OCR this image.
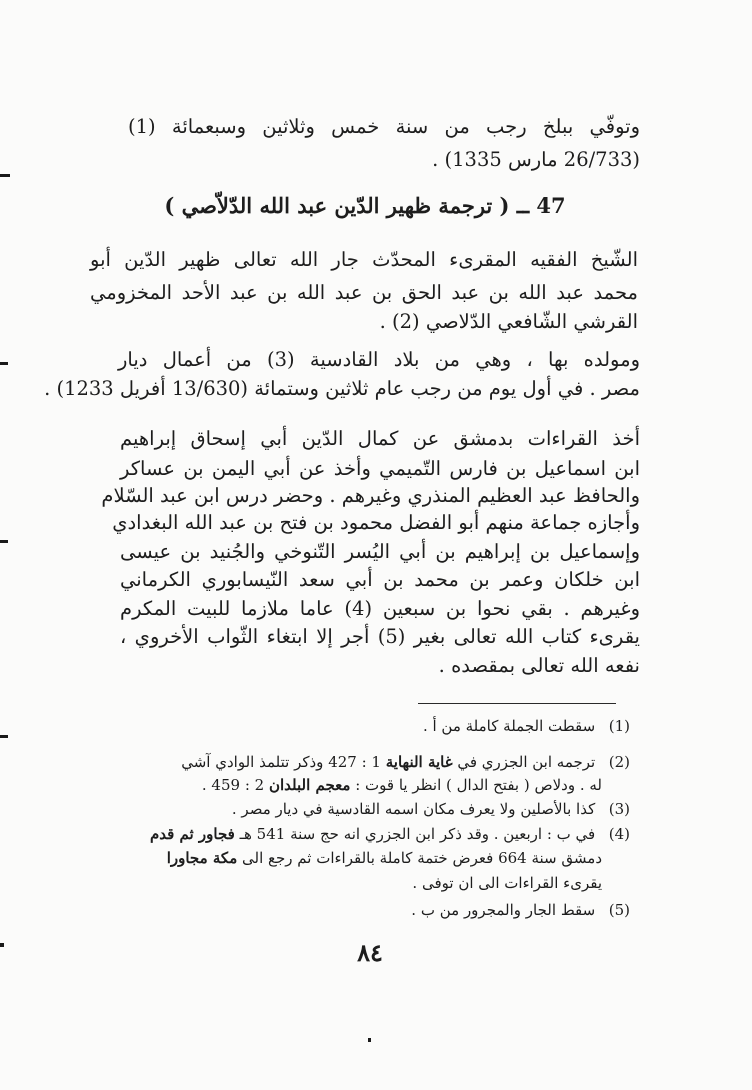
وتوفّي ببلخ رجب من سنة خمس وثلاثين وسبعمائة (1)
(26/733 مارس 1335) .
47 ــ ( ترجمة ظهير الدّين عبد الله الدّلاّصي )
الشّيخ الفقيه المقرىء المحدّث جار الله تعالى ظهير الدّين أبو
محمد عبد الله بن عبد الحق بن عبد الله بن عبد الأحد المخزومي
القرشي الشّافعي الدّلاصي (2) .
ومولده بها ، وهي من بلاد القادسية (3) من أعمال ديار
مصر . في أول يوم من رجب عام ثلاثين وستمائة (13/630 أفريل 1233) .
أخذ القراءات بدمشق عن كمال الدّين أبي إسحاق إبراهيم
ابن اسماعيل بن فارس التّميمي وأخذ عن أبي اليمن بن عساكر
والحافظ عبد العظيم المنذري وغيرهم . وحضر درس ابن عبد السّلام
وأجازه جماعة منهم أبو الفضل محمود بن فتح بن عبد الله البغدادي
وإسماعيل بن إبراهيم بن أبي اليُسر التّنوخي والجُنيد بن عيسى
ابن خلكان وعمر بن محمد بن أبي سعد النّيسابوري الكرماني
وغيرهم . بقي نحوا بن سبعين (4) عاما ملازما للبيت المكرم
يقرىء كتاب الله تعالى بغير (5) أجر إلا ابتغاء الثّواب الأخروي ،
نفعه الله تعالى بمقصده .
(1) سقطت الجملة كاملة من أ .
(2) ترجمه ابن الجزري في غاية النهاية 1 : 427 وذكر تتلمذ الوادي آشي
له . ودلاص ( بفتح الدال ) انظر يا قوت : معجم البلدان 2 : 459 .
(3) كذا بالأصلين ولا يعرف مكان اسمه القادسية في ديار مصر .
(4) في ب : اربعين . وقد ذكر ابن الجزري انه حج سنة 541 هـ فجاور ثم قدم
دمشق سنة 664 فعرض ختمة كاملة بالقراءات ثم رجع الى مكة مجاورا
يقرىء القراءات الى ان توفى .
(5) سقط الجار والمجرور من ب .
٨٤
